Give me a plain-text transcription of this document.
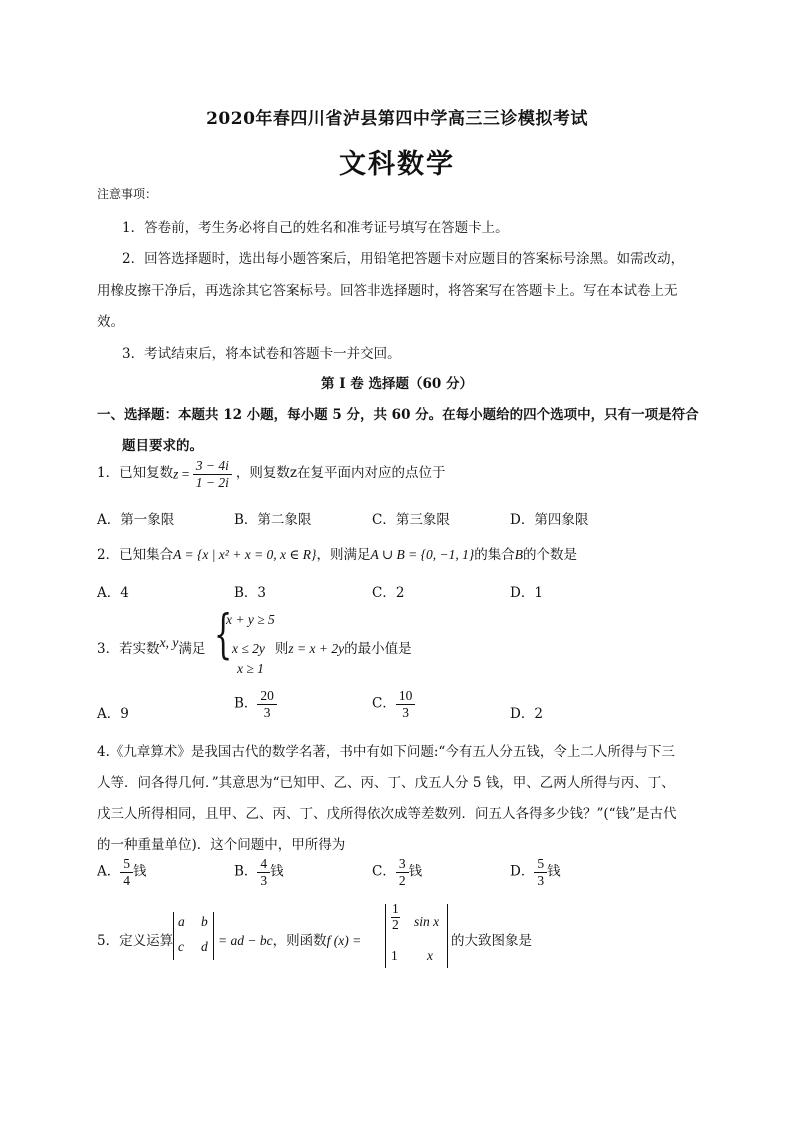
2020年春四川省泸县第四中学高三三诊模拟考试
文科数学
注意事项：
1．答卷前，考生务必将自己的姓名和准考证号填写在答题卡上。
2．回答选择题时，选出每小题答案后，用铅笔把答题卡对应题目的答案标号涂黑。如需改动，
用橡皮擦干净后，再选涂其它答案标号。回答非选择题时，将答案写在答题卡上。写在本试卷上无
效。
3．考试结束后，将本试卷和答题卡一并交回。
第 I 卷 选择题（60 分）
一、选择题：本题共 12 小题，每小题 5 分，共 60 分。在每小题给的四个选项中，只有一项是符合
题目要求的。
1．已知复数$z = \frac{3 - 4i}{1 - 2i}$ ，则复数z在复平面内对应的点位于
A．第一象限	B．第二象限	C．第三象限	D．第四象限
2．已知集合A = {x | x² + x = 0, x ∈ R}，则满足A ∪ B = {0, −1, 1}的集合B的个数是
A．4	B．3	C．2	D．1
3．若实数x, y满足 {
x + y ≥ 5
x ≤ 2y 则z = x + 2y的最小值是
x ≥ 1
A．9
B． $\frac{20}{3}$	C． $\frac{10}{3}$	D．2
4.《九章算术》是我国古代的数学名著，书中有如下问题:“今有五人分五钱，令上二人所得与下三
人等．问各得几何．”其意思为“已知甲、乙、丙、丁、戊五人分 5 钱，甲、乙两人所得与丙、丁、
戊三人所得相同，且甲、乙、丙、丁、戊所得依次成等差数列．问五人各得多少钱？”(“钱”是古代
的一种重量单位)．这个问题中，甲所得为
A． $\frac{5}{4}$ 钱	B． $\frac{4}{3}$ 钱	C． $\frac{3}{2}$ 钱	D． $\frac{5}{3}$ 钱
5．定义运算
a b
c d = ad − bc，则函数f (x) =
$\frac{1}{2}$ sin x
1 x
的大致图象是
